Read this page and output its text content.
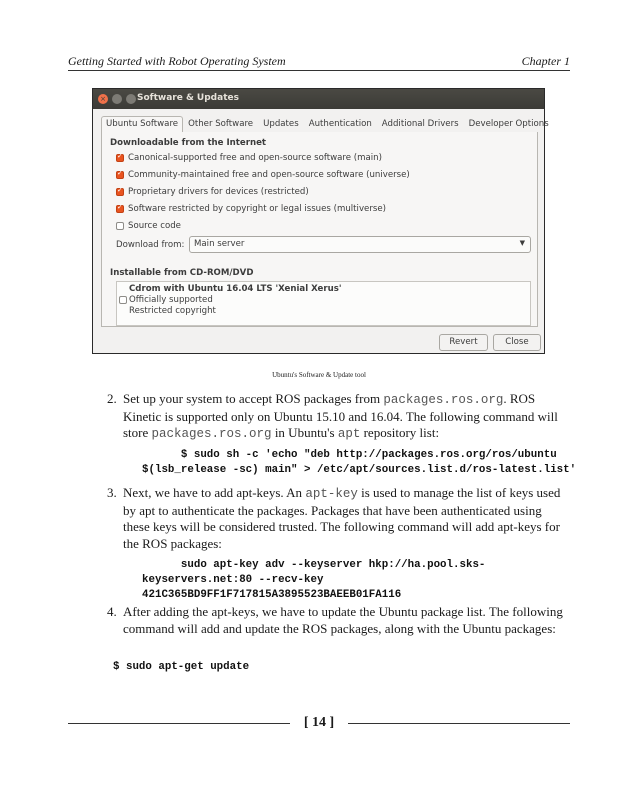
Getting Started with Robot Operating System	Chapter 1
×	Software & Updates
Ubuntu Software	Other Software	Updates	Authentication	Additional Drivers	Developer Options
Downloadable from the Internet
✓
Canonical-supported free and open-source software (main)
✓
Community-maintained free and open-source software (universe)
✓
Proprietary drivers for devices (restricted)
✓
Software restricted by copyright or legal issues (multiverse)
Source code
Download from: Main server	▼
Installable from CD-ROM/DVD
Cdrom with Ubuntu 16.04 LTS 'Xenial Xerus'
Officially supported
Restricted copyright
Revert	Close
Ubuntu's Software & Update tool
2. Set up your system to accept ROS packages from packages.ros.org. ROS Kinetic is supported only on Ubuntu 15.10 and 16.04. The following command will store packages.ros.org in Ubuntu's apt repository list:
$ sudo sh -c 'echo "deb http://packages.ros.org/ros/ubuntu
$(lsb_release -sc) main" > /etc/apt/sources.list.d/ros-latest.list'
3. Next, we have to add apt-keys. An apt-key is used to manage the list of keys used by apt to authenticate the packages. Packages that have been authenticated using these keys will be considered trusted. The following command will add apt-keys for the ROS packages:
sudo apt-key adv --keyserver hkp://ha.pool.sks-
keyservers.net:80 --recv-key
421C365BD9FF1F717815A3895523BAEEB01FA116
4. After adding the apt-keys, we have to update the Ubuntu package list. The following command will add and update the ROS packages, along with the Ubuntu packages:
$ sudo apt-get update
[ 14 ]
